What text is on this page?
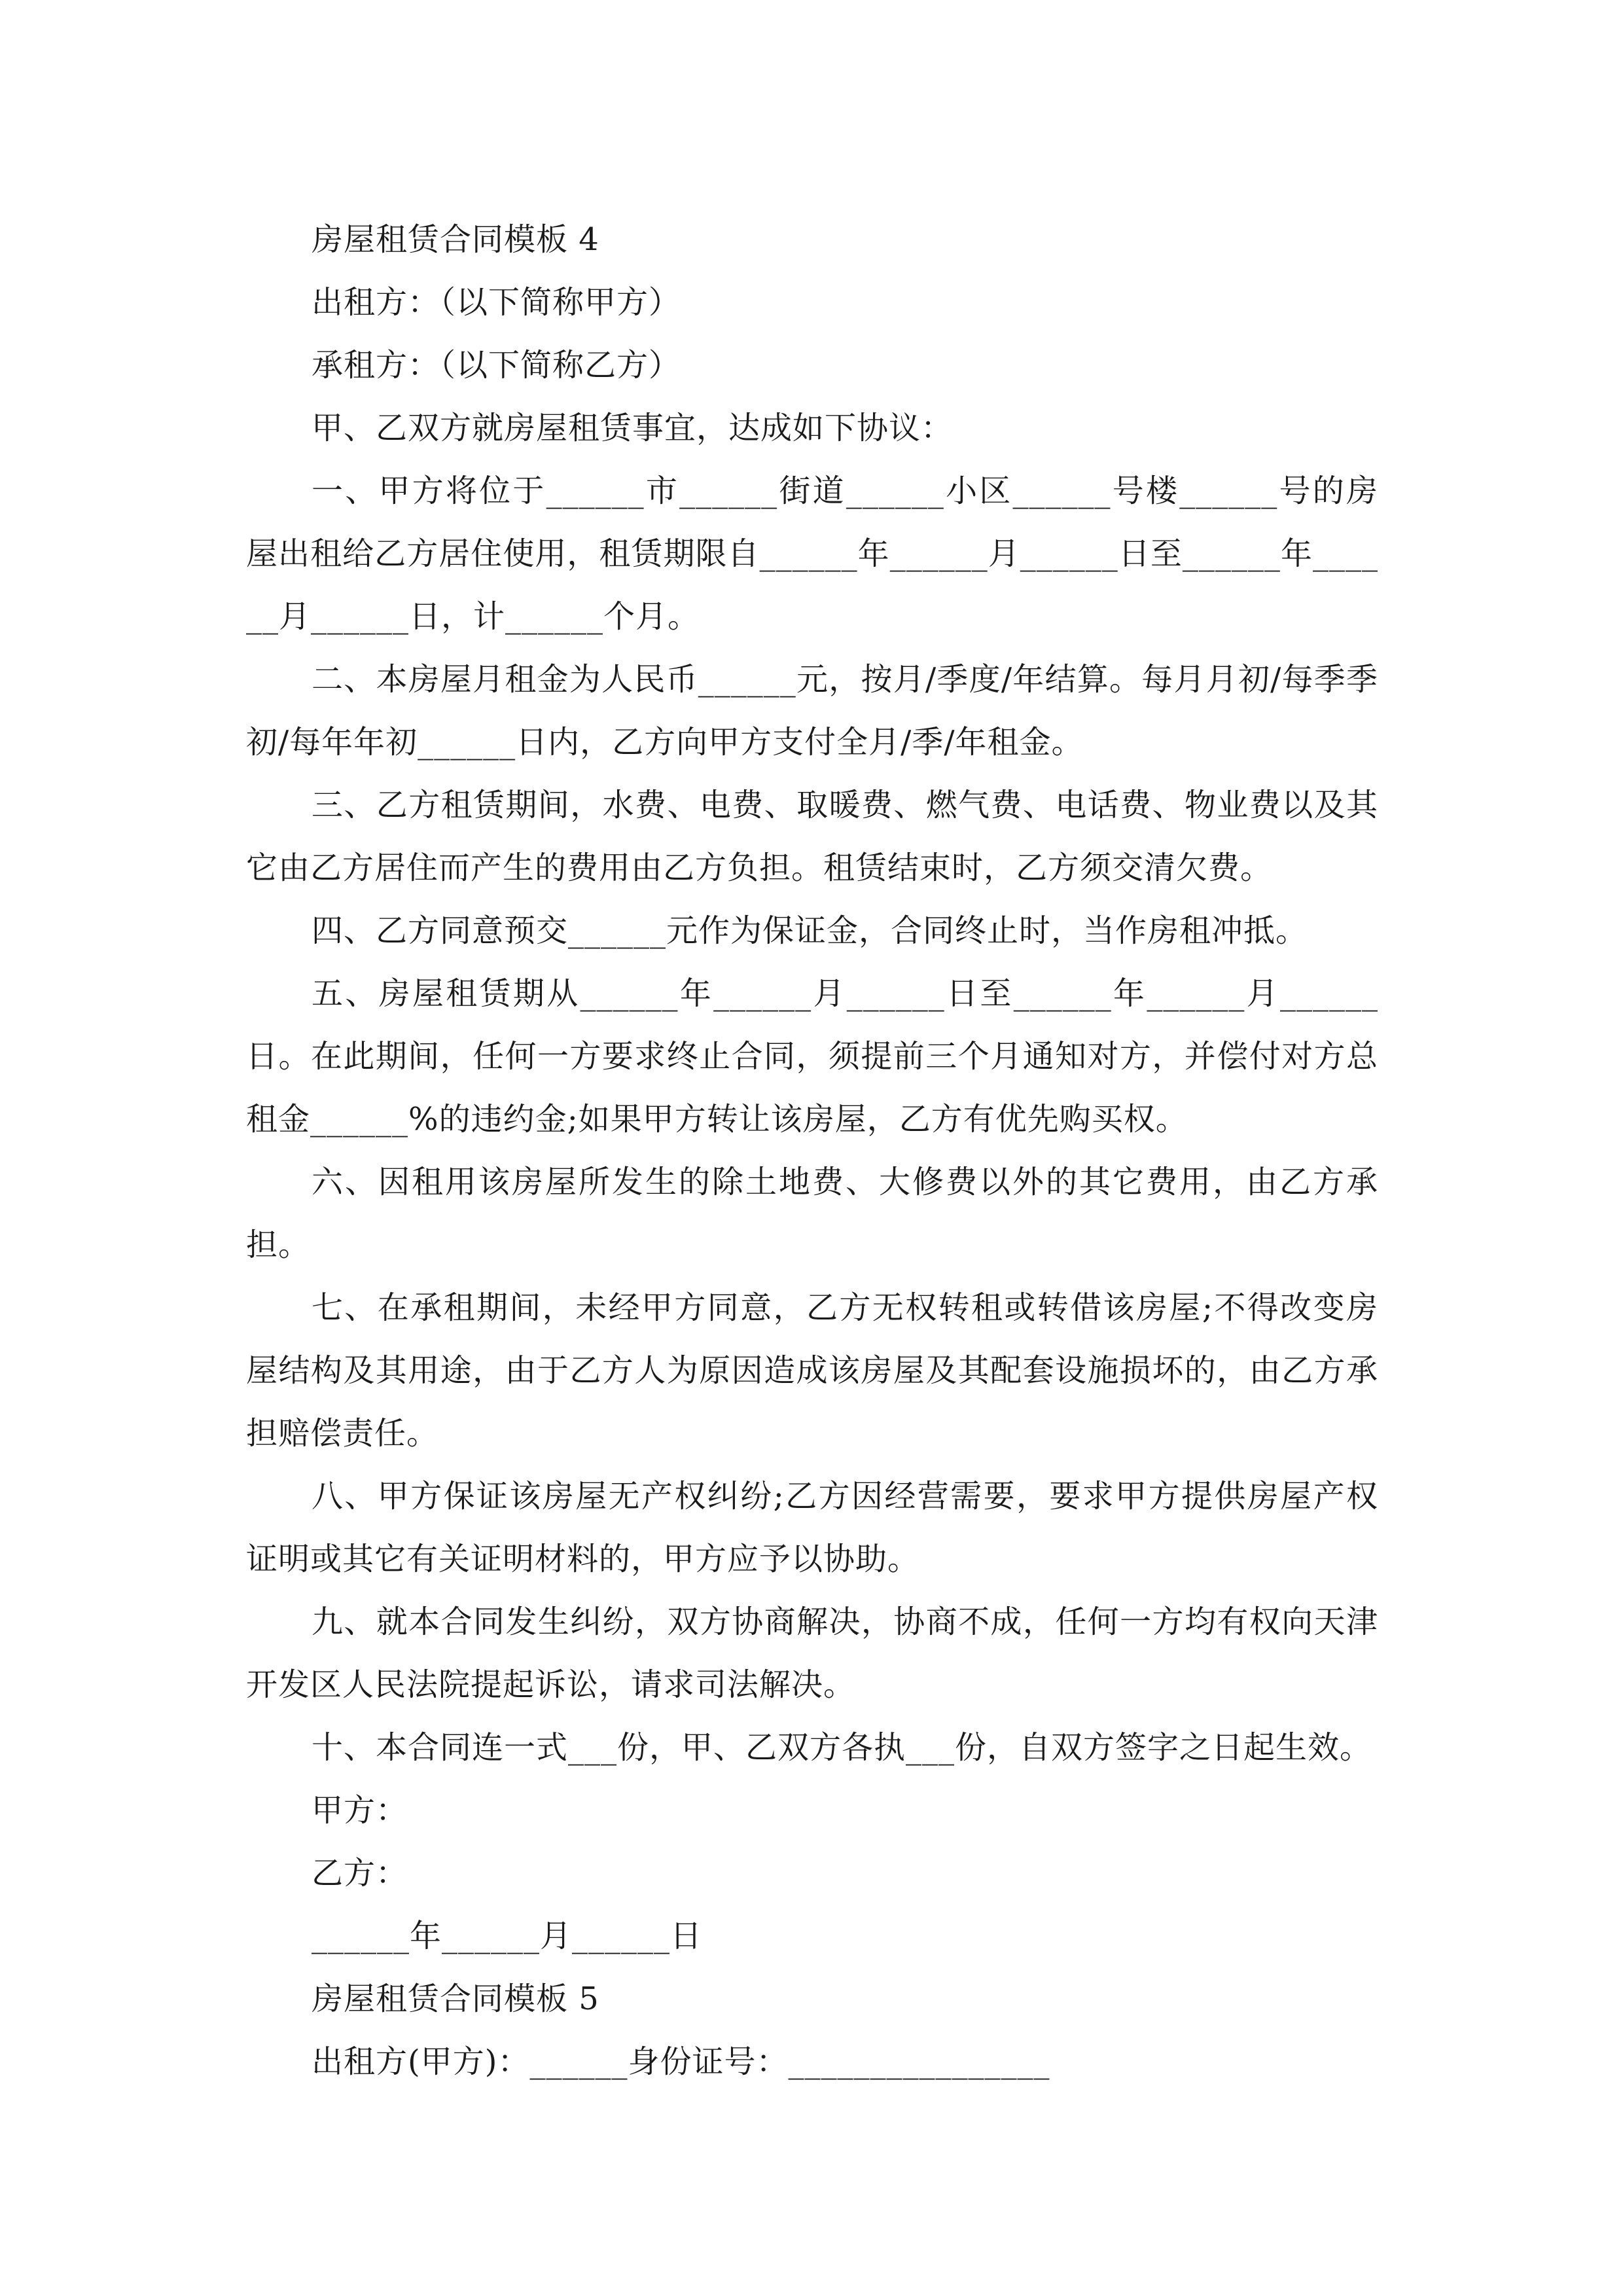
房屋租赁合同模板 4

出租方：（以下简称甲方）

承租方：（以下简称乙方）

甲、乙双方就房屋租赁事宜，达成如下协议：

一、甲方将位于______市______街道______小区______号楼______号的房屋出租给乙方居住使用，租赁期限自______年______月______日至______年______月______日，计______个月。

二、本房屋月租金为人民币______元，按月/季度/年结算。每月月初/每季季初/每年年初______日内，乙方向甲方支付全月/季/年租金。

三、乙方租赁期间，水费、电费、取暖费、燃气费、电话费、物业费以及其它由乙方居住而产生的费用由乙方负担。租赁结束时，乙方须交清欠费。

四、乙方同意预交______元作为保证金，合同终止时，当作房租冲抵。

五、房屋租赁期从______年______月______日至______年______月______日。在此期间，任何一方要求终止合同，须提前三个月通知对方，并偿付对方总租金______%的违约金;如果甲方转让该房屋，乙方有优先购买权。

六、因租用该房屋所发生的除土地费、大修费以外的其它费用，由乙方承担。

七、在承租期间，未经甲方同意，乙方无权转租或转借该房屋;不得改变房屋结构及其用途，由于乙方人为原因造成该房屋及其配套设施损坏的，由乙方承担赔偿责任。

八、甲方保证该房屋无产权纠纷;乙方因经营需要，要求甲方提供房屋产权证明或其它有关证明材料的，甲方应予以协助。

九、就本合同发生纠纷，双方协商解决，协商不成，任何一方均有权向天津开发区人民法院提起诉讼，请求司法解决。

十、本合同连一式___份，甲、乙双方各执___份，自双方签字之日起生效。

甲方：

乙方：

______年______月______日

房屋租赁合同模板 5

出租方(甲方)：______身份证号：________________
